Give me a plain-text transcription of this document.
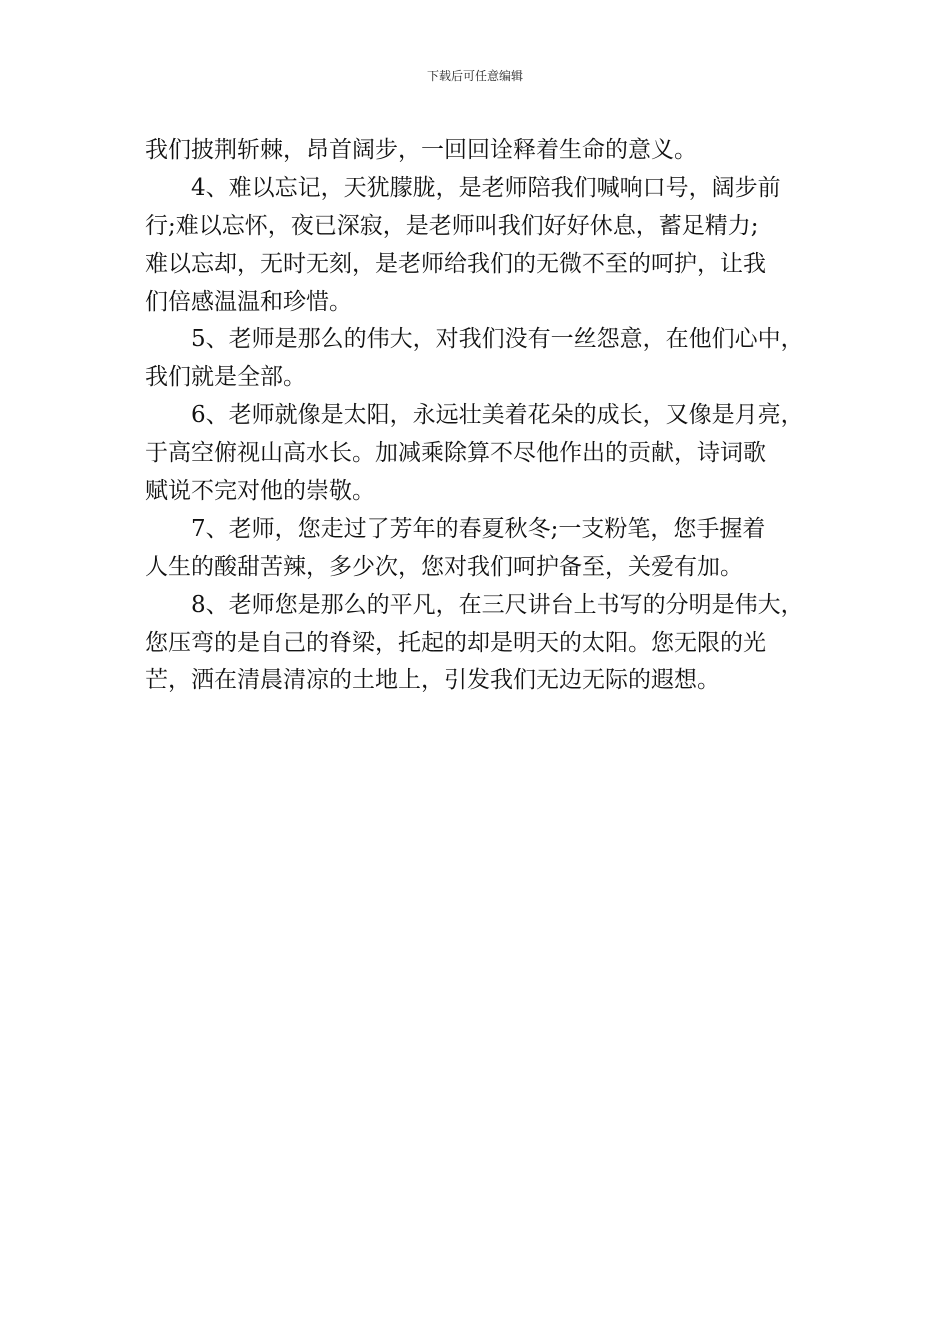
下载后可任意编辑
我们披荆斩棘，昂首阔步，一回回诠释着生命的意义。
4、难以忘记，天犹朦胧，是老师陪我们喊响口号，阔步前
行;难以忘怀，夜已深寂，是老师叫我们好好休息，蓄足精力;
难以忘却，无时无刻，是老师给我们的无微不至的呵护，让我
们倍感温温和珍惜。
5、老师是那么的伟大，对我们没有一丝怨意，在他们心中，
我们就是全部。
6、老师就像是太阳，永远壮美着花朵的成长，又像是月亮，
于高空俯视山高水长。加减乘除算不尽他作出的贡献，诗词歌
赋说不完对他的崇敬。
7、老师，您走过了芳年的春夏秋冬;一支粉笔，您手握着
人生的酸甜苦辣，多少次，您对我们呵护备至，关爱有加。
8、老师您是那么的平凡，在三尺讲台上书写的分明是伟大，
您压弯的是自己的脊梁，托起的却是明天的太阳。您无限的光
芒，洒在清晨清凉的土地上，引发我们无边无际的遐想。
